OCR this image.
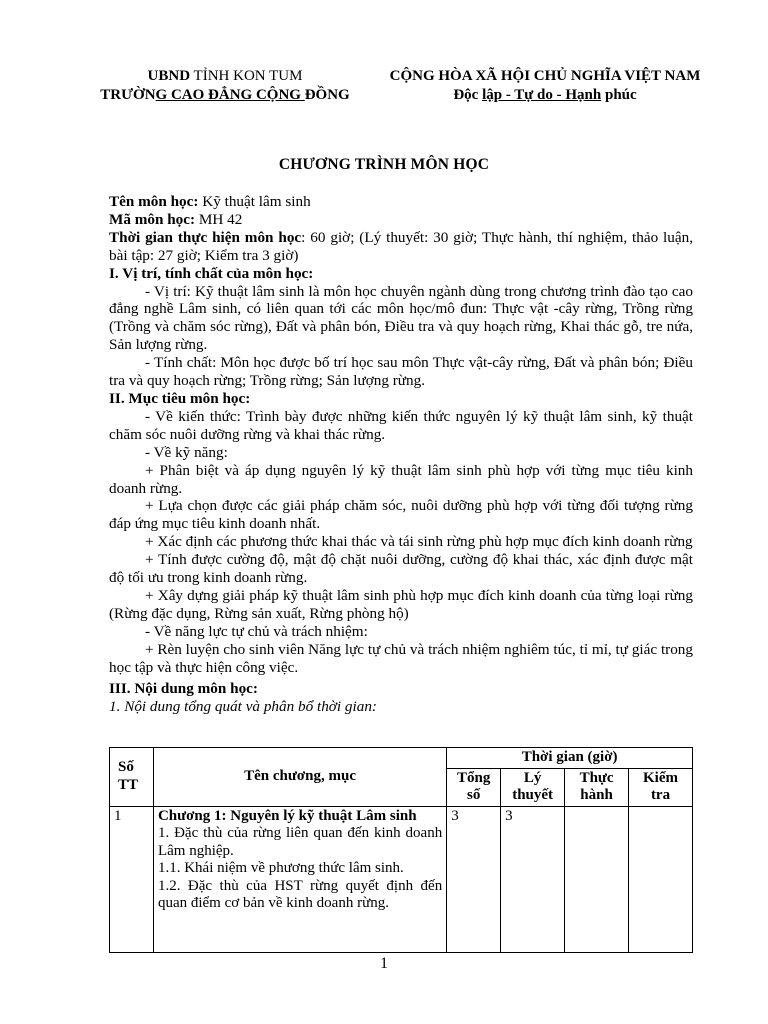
UBND TỈNH KON TUM
TRƯỜNG CAO ĐẲNG CỘNG ĐỒNG
CỘNG HÒA XÃ HỘI CHỦ NGHĨA VIỆT NAM
Độc lập - Tự do - Hạnh phúc
CHƯƠNG TRÌNH MÔN HỌC

Tên môn học: Kỹ thuật lâm sinh

Mã môn học: MH 42

Thời gian thực hiện môn học: 60 giờ; (Lý thuyết: 30 giờ; Thực hành, thí nghiệm, thảo luận, bài tập: 27 giờ; Kiểm tra 3 giờ)

I. Vị trí, tính chất của môn học:

- Vị trí: Kỹ thuật lâm sinh là môn học chuyên ngành dùng trong chương trình đào tạo cao đẳng nghề Lâm sinh, có liên quan tới các môn học/mô đun: Thực vật -cây rừng, Trồng rừng (Trồng và chăm sóc rừng), Đất và phân bón, Điều tra và quy hoạch rừng, Khai thác gỗ, tre nứa, Sản lượng rừng.

- Tính chất: Môn học được bố trí học sau môn Thực vật-cây rừng, Đất và phân bón; Điều tra và quy hoạch rừng; Trồng rừng; Sản lượng rừng.

II. Mục tiêu môn học:

- Về kiến thức: Trình bày được những kiến thức nguyên lý kỹ thuật lâm sinh, kỹ thuật chăm sóc nuôi dưỡng rừng và khai thác rừng.

- Về kỹ năng:

+ Phân biệt và áp dụng nguyên lý kỹ thuật lâm sinh phù hợp với từng mục tiêu kinh doanh rừng.

+ Lựa chọn được các giải pháp chăm sóc, nuôi dưỡng phù hợp với từng đối tượng rừng đáp ứng mục tiêu kinh doanh nhất.

+ Xác định các phương thức khai thác và tái sinh rừng phù hợp mục đích kinh doanh rừng

+ Tính được cường độ, mật độ chặt nuôi dưỡng, cường độ khai thác, xác định được mật độ tối ưu trong kinh doanh rừng.

+ Xây dựng giải pháp kỹ thuật lâm sinh phù hợp mục đích kinh doanh của từng loại rừng (Rừng đặc dụng, Rừng sản xuất, Rừng phòng hộ)

- Về năng lực tự chủ và trách nhiệm:

+ Rèn luyện cho sinh viên Năng lực tự chủ và trách nhiệm nghiêm túc, tỉ mỉ, tự giác trong học tập và thực hiện công việc.

III. Nội dung môn học:

1. Nội dung tổng quát và phân bổ thời gian:

Số TT	Tên chương, mục	Thời gian (giờ)			
		Tổng số	Lý thuyết	Thực hành	Kiểm tra
1	Chương 1: Nguyên lý kỹ thuật Lâm sinh
1. Đặc thù của rừng liên quan đến kinh doanh Lâm nghiệp.
1.1. Khái niệm về phương thức lâm sinh.
1.2. Đặc thù của HST rừng quyết định đến quan điểm cơ bản về kinh doanh rừng.	3	3		
1
